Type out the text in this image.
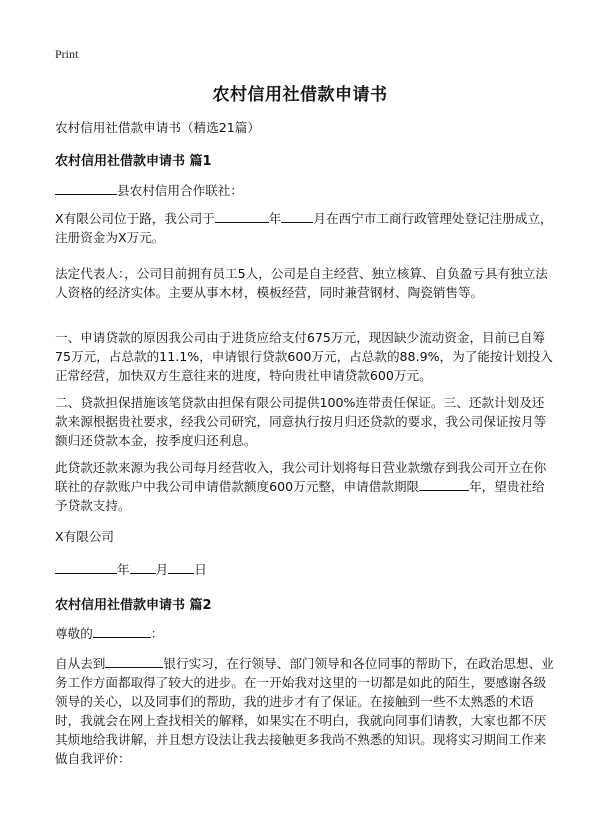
Print
农村信用社借款申请书

农村信用社借款申请书（精选21篇）

农村信用社借款申请书 篇1

县农村信用合作联社：

X有限公司位于路，我公司于	年	月在西宁市工商行政管理处登记注册成立，注册资金为X万元。

法定代表人：，公司目前拥有员工5人，公司是自主经营、独立核算、自负盈亏具有独立法人资格的经济实体。主要从事木材，模板经营，同时兼营钢材、陶瓷销售等。

一、申请贷款的原因我公司由于进货应给支付675万元，现因缺少流动资金，目前已自筹75万元，占总款的11.1%，申请银行贷款600万元，占总款的88.9%，为了能按计划投入正常经营，加快双方生意往来的进度，特向贵社申请贷款600万元。

二、贷款担保措施该笔贷款由担保有限公司提供100%连带责任保证。三、还款计划及还款来源根据贵社要求，经我公司研究，同意执行按月归还贷款的要求，我公司保证按月等额归还贷款本金，按季度归还利息。

此贷款还款来源为我公司每月经营收入，我公司计划将每日营业款缴存到我公司开立在你联社的存款账户中我公司申请借款额度600万元整，申请借款期限	年，望贵社给予贷款支持。

X有限公司

年 月 日

农村信用社借款申请书 篇2

尊敬的	：

自从去到	银行实习，在行领导、部门领导和各位同事的帮助下，在政治思想、业务工作方面都取得了较大的进步。在一开始我对这里的一切都是如此的陌生，要感谢各级领导的关心，以及同事们的帮助，我的进步才有了保证。在接触到一些不太熟悉的术语时，我就会在网上查找相关的解释，如果实在不明白，我就向同事们请教，大家也都不厌其烦地给我讲解，并且想方设法让我去接触更多我尚不熟悉的知识。现将实习期间工作来做自我评价：
